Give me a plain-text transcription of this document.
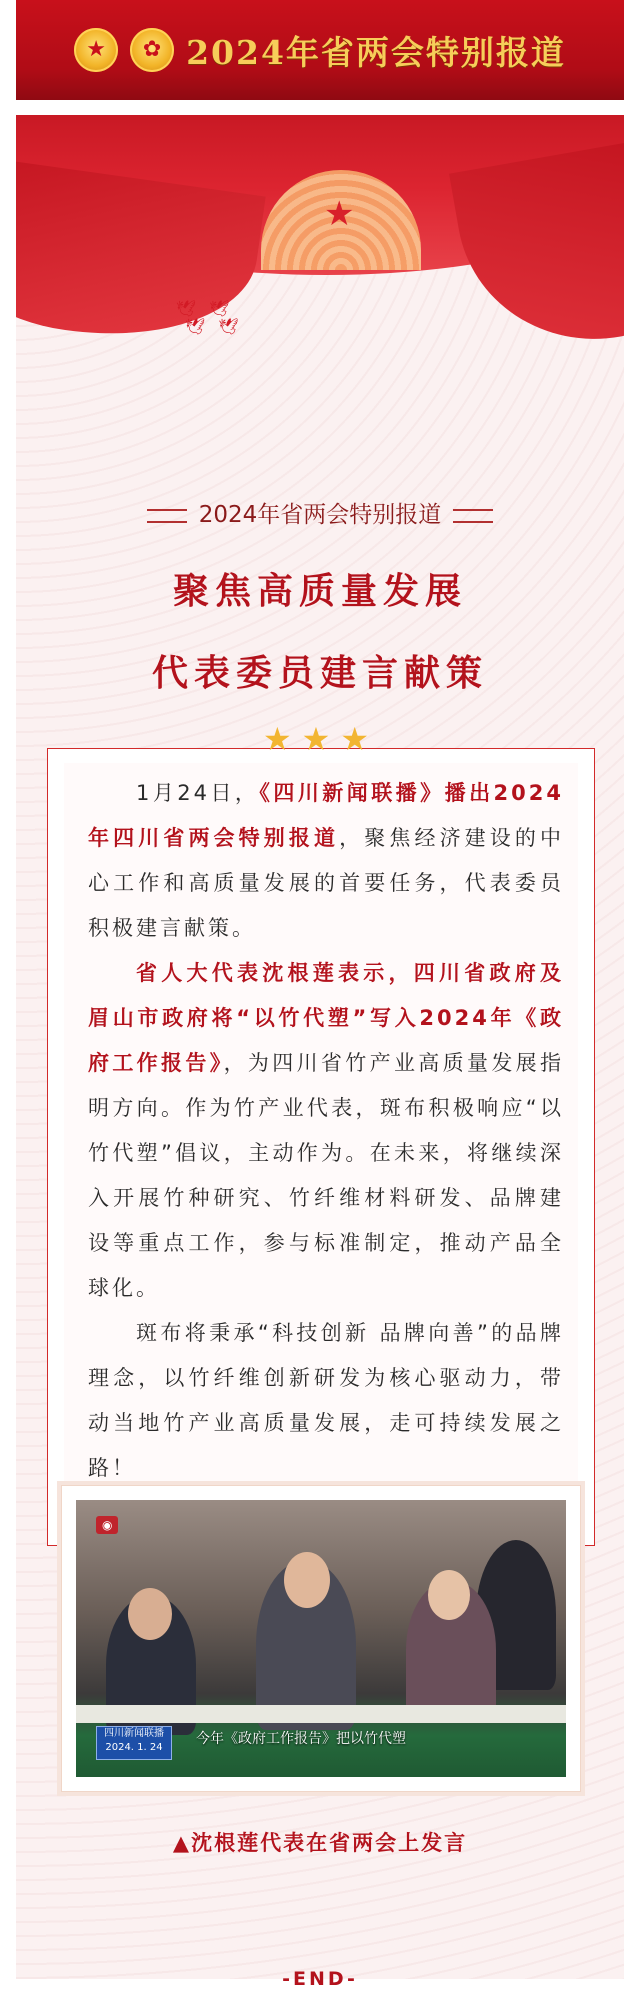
★	✿ 2024年省两会特别报道
★
🕊 🕊
🕊 🕊
2024年省两会特别报道
聚焦高质量发展
代表委员建言献策
★★★

1月24日，《四川新闻联播》播出2024年四川省两会特别报道，聚焦经济建设的中心工作和高质量发展的首要任务，代表委员积极建言献策。

省人大代表沈根莲表示，四川省政府及眉山市政府将“以竹代塑”写入2024年《政府工作报告》，为四川省竹产业高质量发展指明方向。作为竹产业代表，斑布积极响应“以竹代塑”倡议，主动作为。在未来，将继续深入开展竹种研究、竹纤维材料研发、品牌建设等重点工作，参与标准制定，推动产品全球化。

斑布将秉承“科技创新 品牌向善”的品牌理念，以竹纤维创新研发为核心驱动力，带动当地竹产业高质量发展，走可持续发展之路！

◉
四川新闻联播
2024. 1. 24
今年《政府工作报告》把以竹代塑
▲沈根莲代表在省两会上发言
-END-
